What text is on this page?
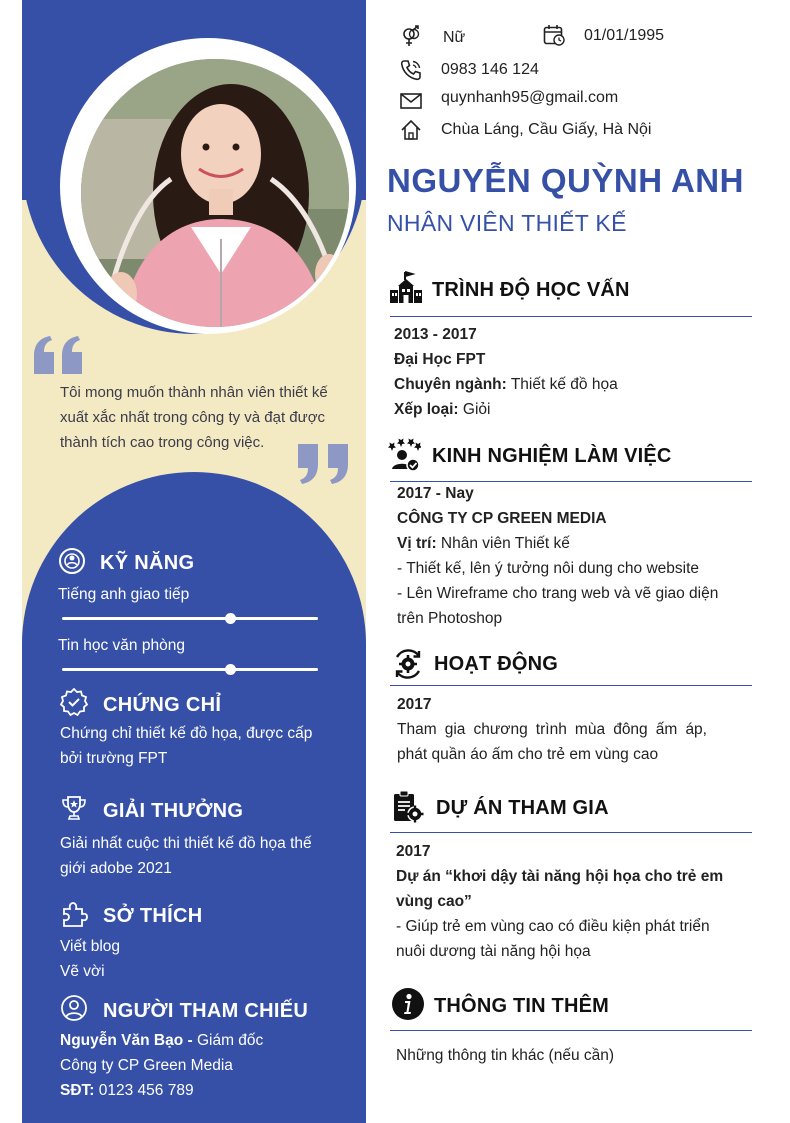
Tôi mong muốn thành nhân viên thiết kế xuất xắc nhất trong công ty và đạt được thành tích cao trong công việc.
KỸ NĂNG
Tiếng anh giao tiếp
Tin học văn phòng
CHỨNG CHỈ
Chứng chỉ thiết kế đồ họa, được cấp bởi trường FPT
GIẢI THƯỞNG
Giải nhất cuộc thi thiết kế đồ họa thế giới adobe 2021
SỞ THÍCH
Viết blog
Vẽ vời
NGƯỜI THAM CHIẾU
Nguyễn Văn Bạo - Giám đốc
Công ty CP Green Media
SĐT: 0123 456 789
Nữ	01/01/1995
0983 146 124
quynhanh95@gmail.com
Chùa Láng, Cầu Giấy, Hà Nội
NGUYỄN QUỲNH ANH
NHÂN VIÊN THIẾT KẾ
TRÌNH ĐỘ HỌC VẤN
2013 - 2017
Đại Học FPT
Chuyên ngành: Thiết kế đồ họa
Xếp loại: Giỏi
KINH NGHIỆM LÀM VIỆC
2017 - Nay
CÔNG TY CP GREEN MEDIA
Vị trí: Nhân viên Thiết kế
- Thiết kế, lên ý tưởng nôi dung cho website
- Lên Wireframe cho trang web và vẽ giao diện trên Photoshop
HOẠT ĐỘNG
2017
Tham gia chương trình mùa đông ấm áp, phát quần áo ấm cho trẻ em vùng cao
DỰ ÁN THAM GIA
2017
Dự án “khơi dậy tài năng hội họa cho trẻ em vùng cao”
- Giúp trẻ em vùng cao có điều kiện phát triển nuôi dương tài năng hội họa
THÔNG TIN THÊM
Những thông tin khác (nếu cần)
